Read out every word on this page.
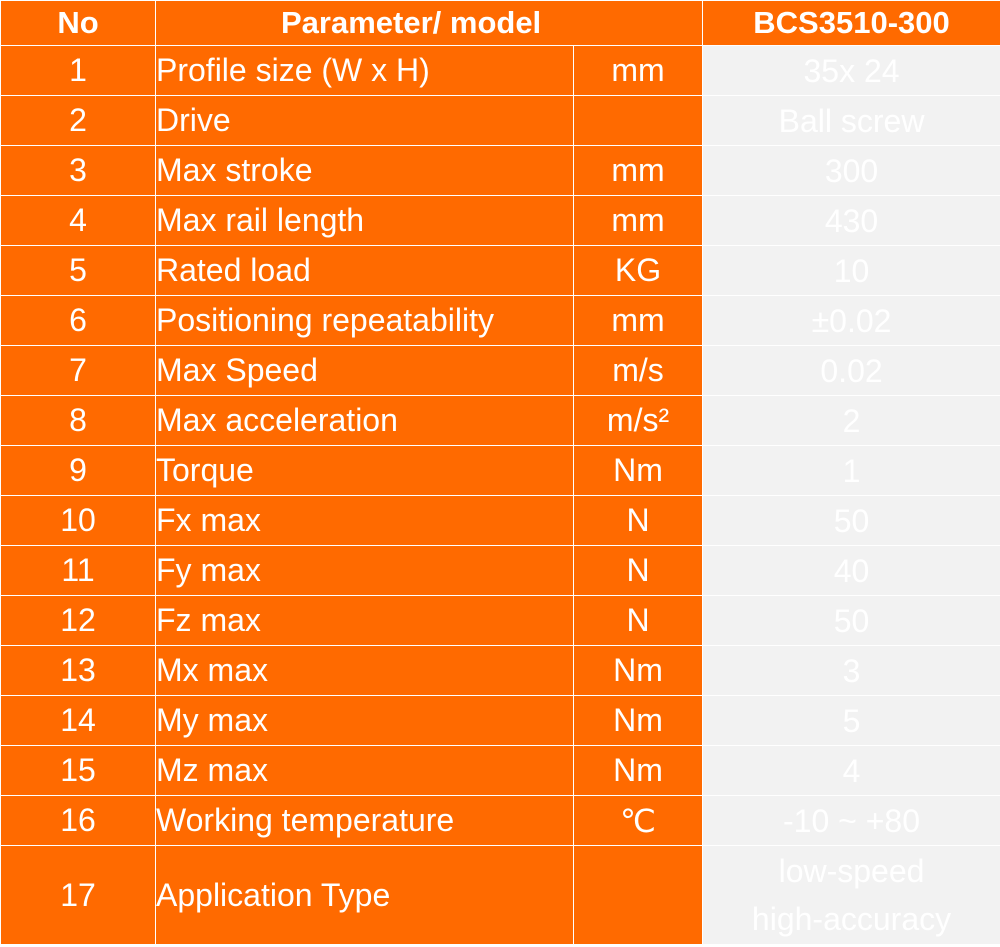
No	Parameter/ model		BCS3510-300
1	Profile size (W x H)	mm	35x 24
2	Drive		Ball screw
3	Max stroke	mm	300
4	Max rail length	mm	430
5	Rated load	KG	10
6	Positioning repeatability	mm	±0.02
7	Max Speed	m/s	0.02
8	Max acceleration	m/s²	2
9	Torque	Nm	1
10	Fx max	N	50
11	Fy max	N	40
12	Fz max	N	50
13	Mx max	Nm	3
14	My max	Nm	5
15	Mz max	Nm	4
16	Working temperature	℃	-10 ~ +80
17	Application Type		low-speed
high-accuracy
